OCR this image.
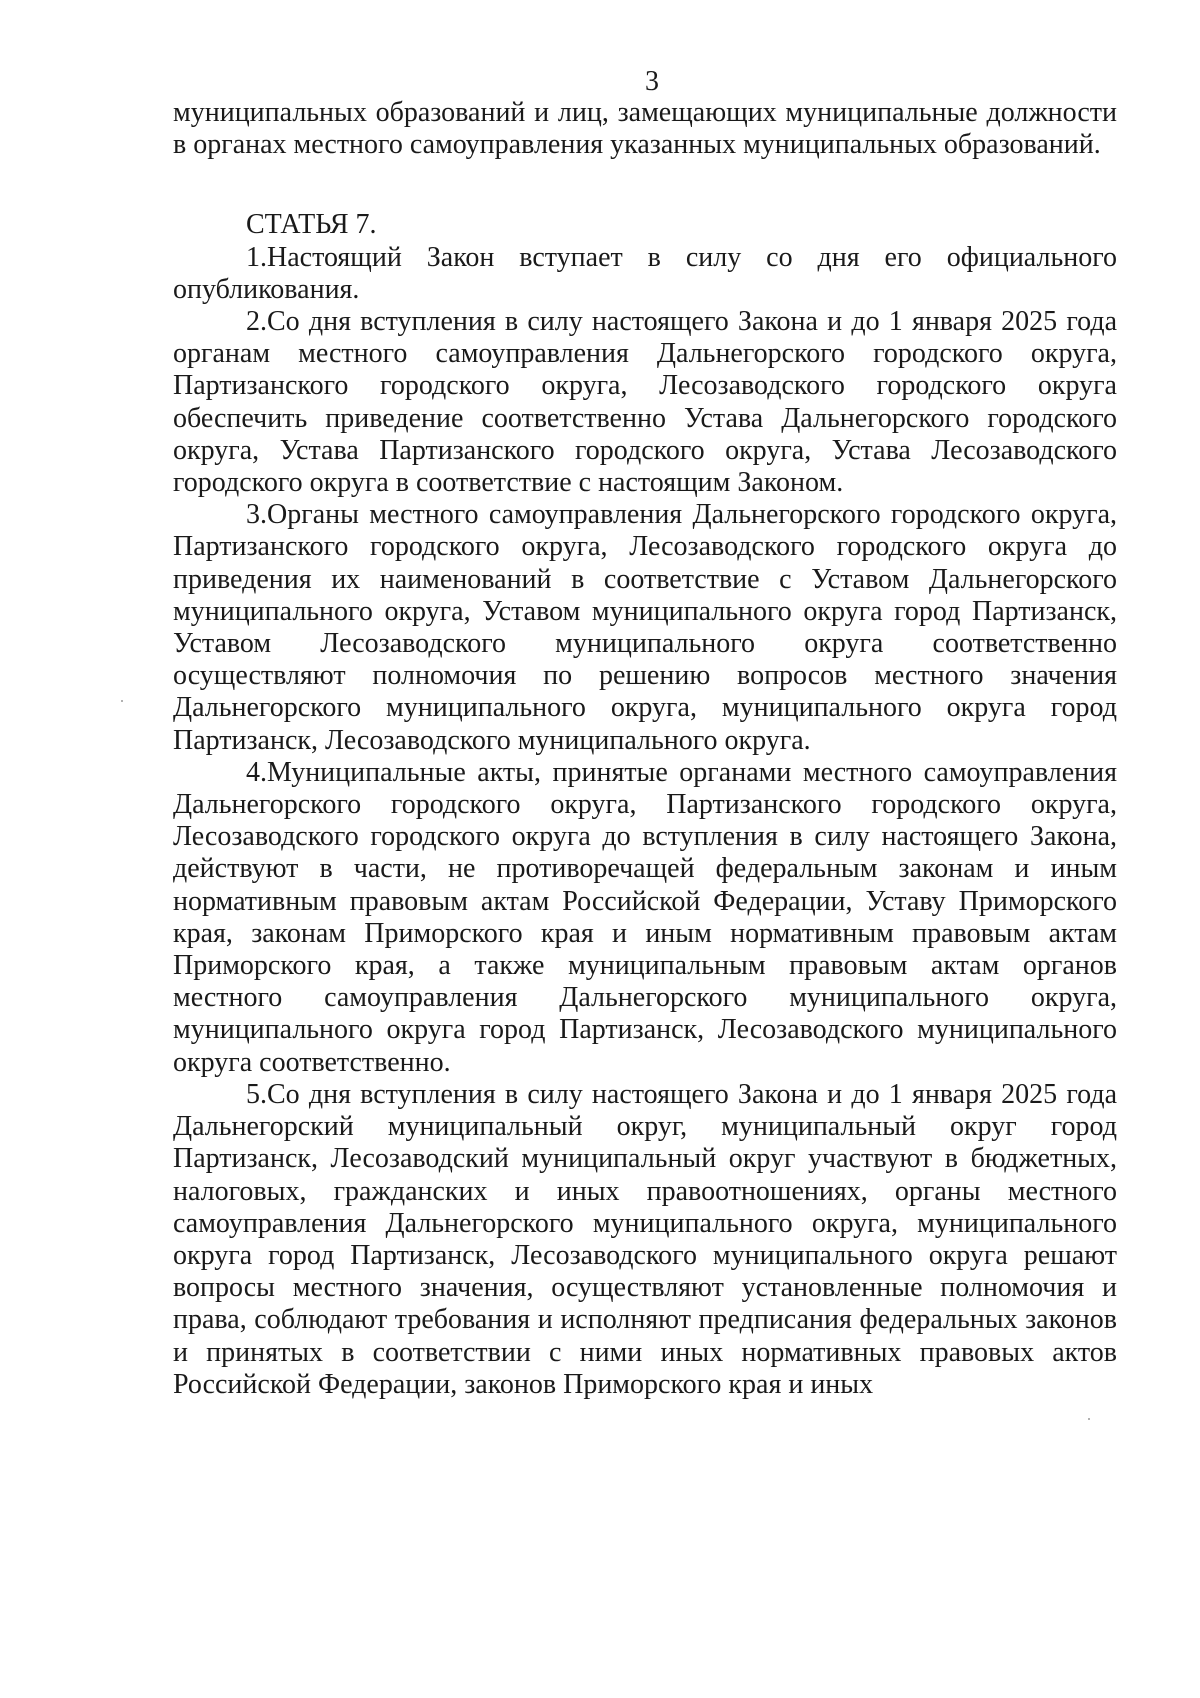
3

муниципальных образований и лиц, замещающих муниципальные должности в органах местного самоуправления указанных муниципальных образований.

СТАТЬЯ 7.

1.Настоящий Закон вступает в силу со дня его официального опубликования.

2.Со дня вступления в силу настоящего Закона и до 1 января 2025 года органам местного самоуправления Дальнегорского городского округа, Партизанского городского округа, Лесозаводского городского округа обеспечить приведение соответственно Устава Дальнегорского городского округа, Устава Партизанского городского округа, Устава Лесозаводского городского округа в соответствие с настоящим Законом.

3.Органы местного самоуправления Дальнегорского городского округа, Партизанского городского округа, Лесозаводского городского округа до приведения их наименований в соответствие с Уставом Дальнегорского муниципального округа, Уставом муниципального округа город Партизанск, Уставом Лесозаводского муниципального округа соответственно осуществляют полномочия по решению вопросов местного значения Дальнегорского муниципального округа, муниципального округа город Партизанск, Лесозаводского муниципального округа.

4.Муниципальные акты, принятые органами местного самоуправления Дальнегорского городского округа, Партизанского городского округа, Лесозаводского городского округа до вступления в силу настоящего Закона, действуют в части, не противоречащей федеральным законам и иным нормативным правовым актам Российской Федерации, Уставу Приморского края, законам Приморского края и иным нормативным правовым актам Приморского края, а также муниципальным правовым актам органов местного самоуправления Дальнегорского муниципального округа, муниципального округа город Партизанск, Лесозаводского муниципального округа соответственно.

5.Со дня вступления в силу настоящего Закона и до 1 января 2025 года Дальнегорский муниципальный округ, муниципальный округ город Партизанск, Лесозаводский муниципальный округ участвуют в бюджетных, налоговых, гражданских и иных правоотношениях, органы местного самоуправления Дальнегорского муниципального округа, муниципального округа город Партизанск, Лесозаводского муниципального округа решают вопросы местного значения, осуществляют установленные полномочия и права, соблюдают требования и исполняют предписания федеральных законов и принятых в соответствии с ними иных нормативных правовых актов Российской Федерации, законов Приморского края и иных
